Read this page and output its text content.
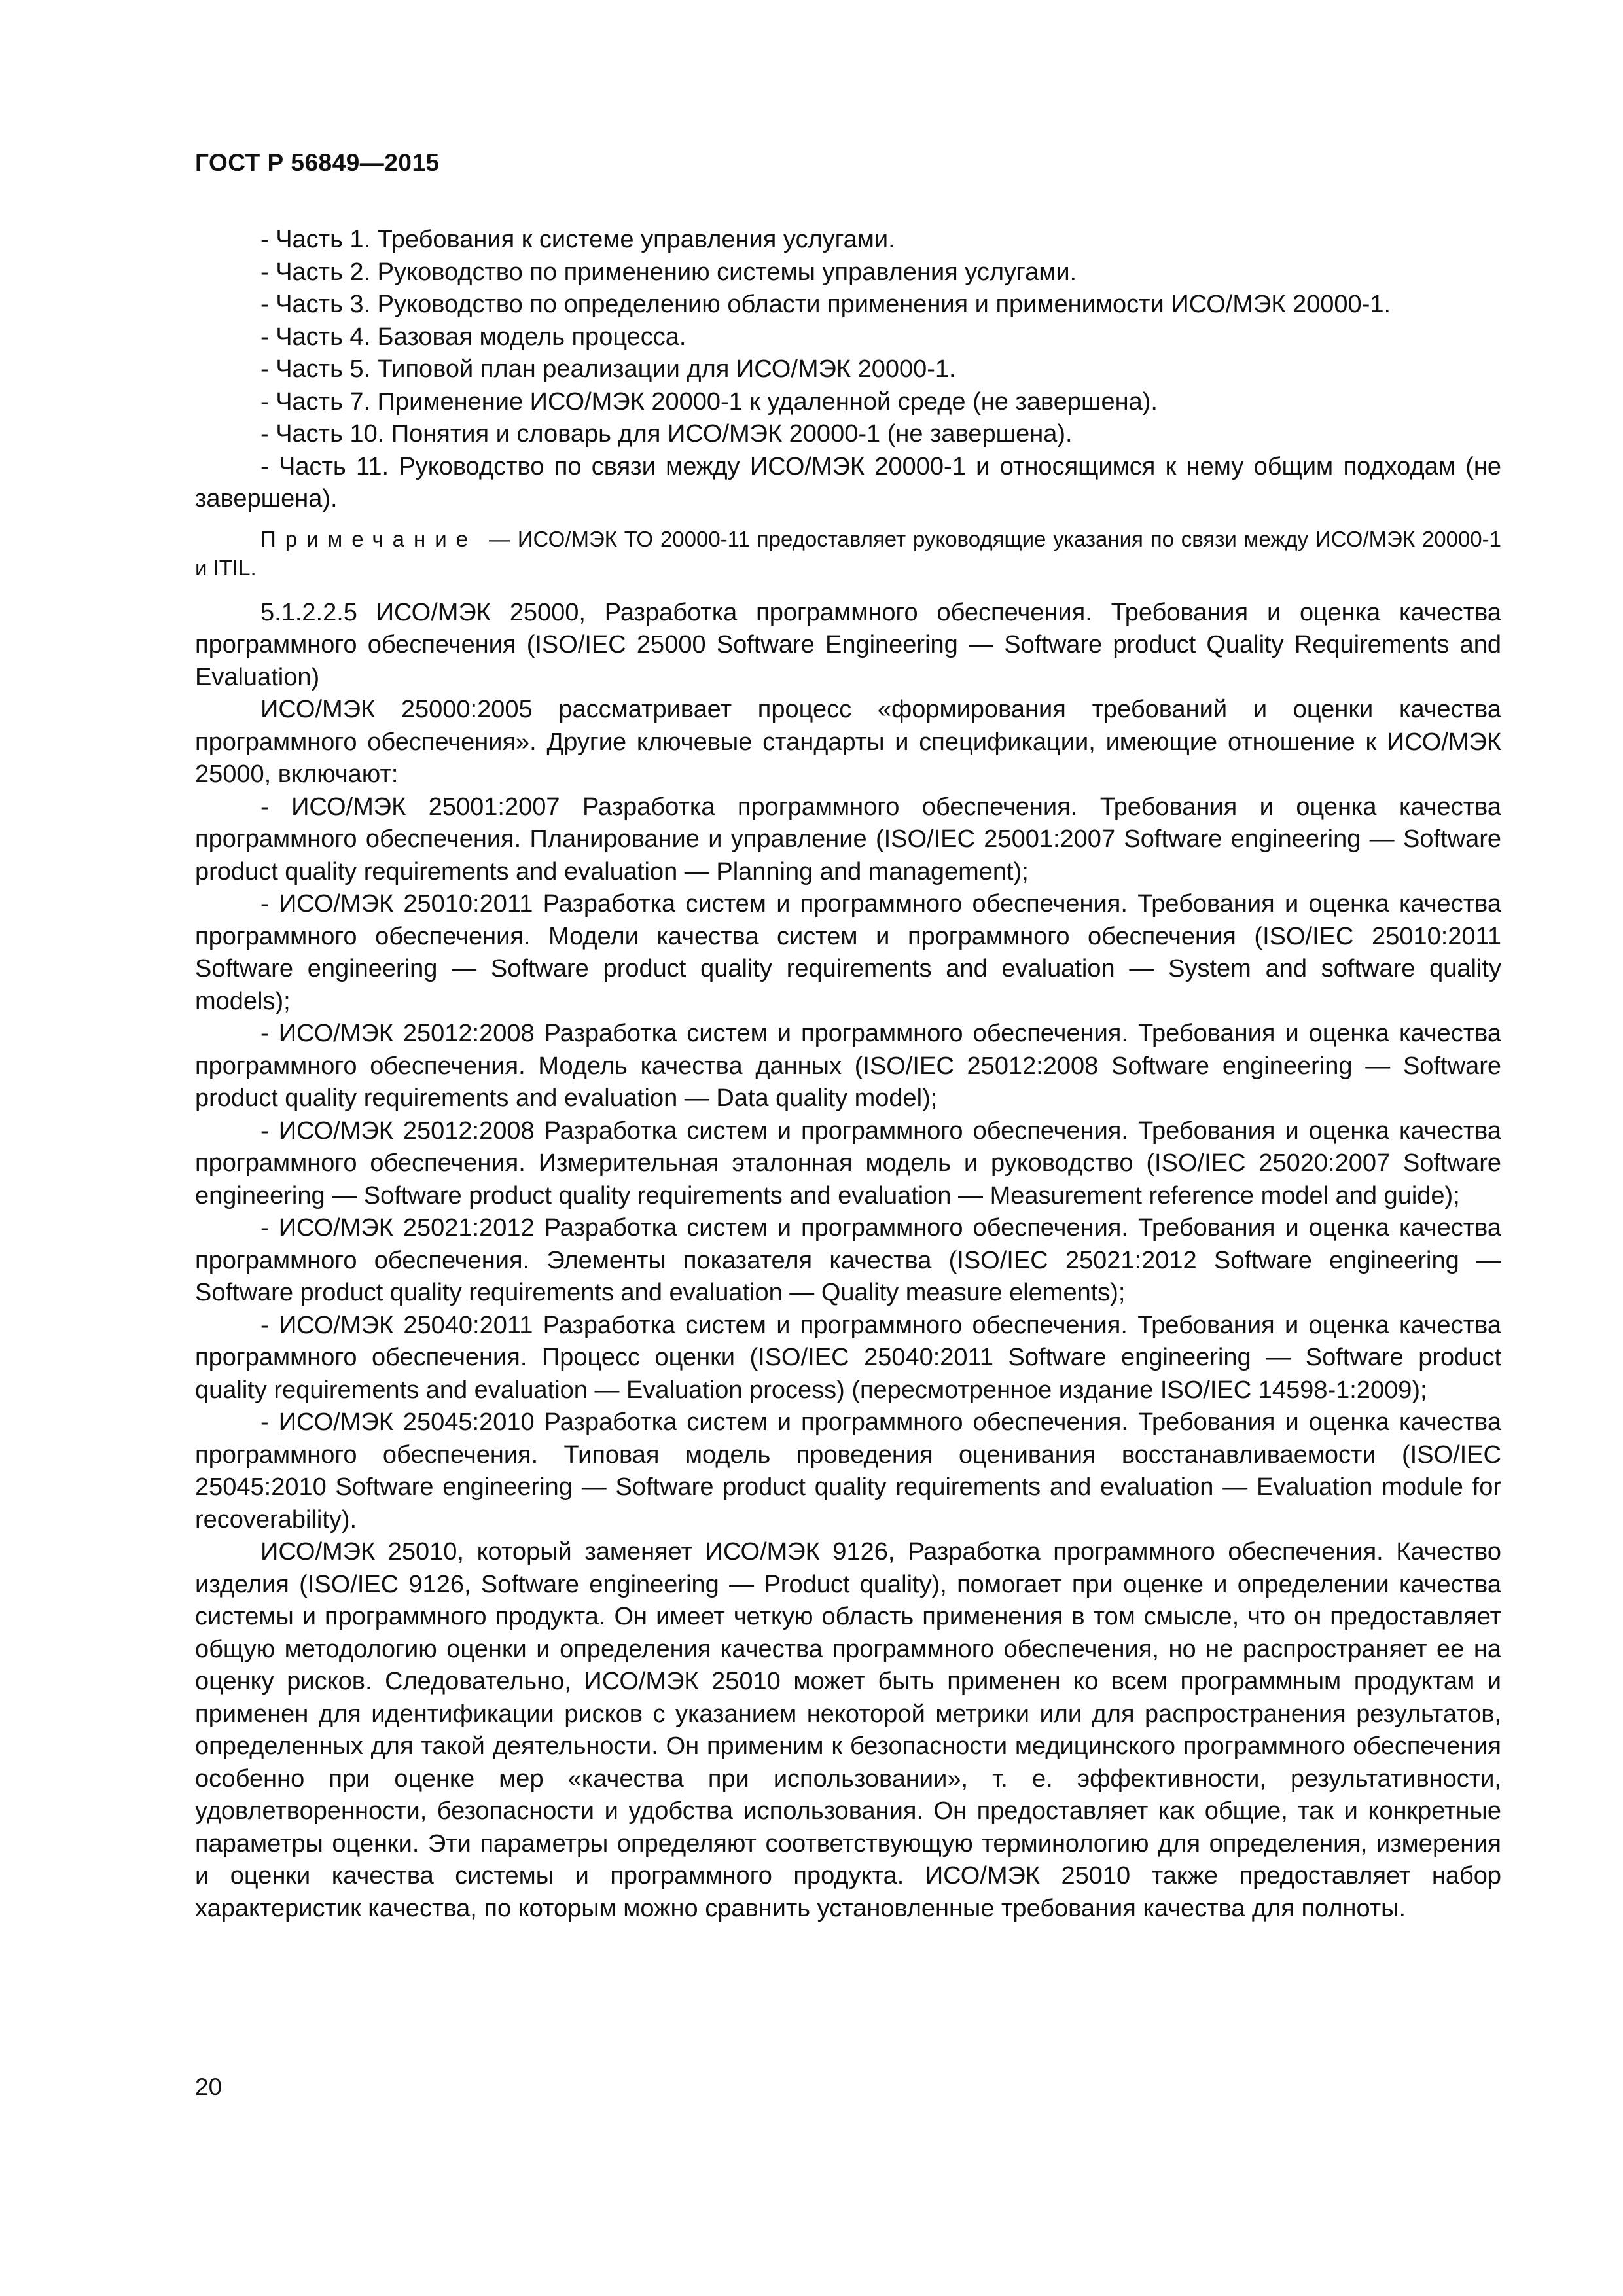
ГОСТ Р 56849—2015

- Часть 1. Требования к системе управления услугами.

- Часть 2. Руководство по применению системы управления услугами.

- Часть 3. Руководство по определению области применения и применимости ИСО/МЭК 20000-1.

- Часть 4. Базовая модель процесса.

- Часть 5. Типовой план реализации для ИСО/МЭК 20000-1.

- Часть 7. Применение ИСО/МЭК 20000-1 к удаленной среде (не завершена).

- Часть 10. Понятия и словарь для ИСО/МЭК 20000-1 (не завершена).

- Часть 11. Руководство по связи между ИСО/МЭК 20000-1 и относящимся к нему общим подходам (не завершена).

Примечание — ИСО/МЭК ТО 20000-11 предоставляет руководящие указания по связи между ИСО/МЭК 20000-1 и ITIL.

5.1.2.2.5 ИСО/МЭК 25000, Разработка программного обеспечения. Требования и оценка качества программного обеспечения (ISO/IEC 25000 Software Engineering — Software product Quality Requirements and Evaluation)

ИСО/МЭК 25000:2005 рассматривает процесс «формирования требований и оценки качества программного обеспечения». Другие ключевые стандарты и спецификации, имеющие отношение к ИСО/МЭК 25000, включают:

- ИСО/МЭК 25001:2007 Разработка программного обеспечения. Требования и оценка качества программного обеспечения. Планирование и управление (ISO/IEC 25001:2007 Software engineering — Software product quality requirements and evaluation — Planning and management);

- ИСО/МЭК 25010:2011 Разработка систем и программного обеспечения. Требования и оценка качества программного обеспечения. Модели качества систем и программного обеспечения (ISO/IEC 25010:2011 Software engineering — Software product quality requirements and evaluation — System and software quality models);

- ИСО/МЭК 25012:2008 Разработка систем и программного обеспечения. Требования и оценка качества программного обеспечения. Модель качества данных (ISO/IEC 25012:2008 Software engineering — Software product quality requirements and evaluation — Data quality model);

- ИСО/МЭК 25012:2008 Разработка систем и программного обеспечения. Требования и оценка качества программного обеспечения. Измерительная эталонная модель и руководство (ISO/IEC 25020:2007 Software engineering — Software product quality requirements and evaluation — Measurement reference model and guide);

- ИСО/МЭК 25021:2012 Разработка систем и программного обеспечения. Требования и оценка качества программного обеспечения. Элементы показателя качества (ISO/IEC 25021:2012 Software engineering — Software product quality requirements and evaluation — Quality measure elements);

- ИСО/МЭК 25040:2011 Разработка систем и программного обеспечения. Требования и оценка качества программного обеспечения. Процесс оценки (ISO/IEC 25040:2011 Software engineering — Software product quality requirements and evaluation — Evaluation process) (пересмотренное издание ISO/IEC 14598-1:2009);

- ИСО/МЭК 25045:2010 Разработка систем и программного обеспечения. Требования и оценка качества программного обеспечения. Типовая модель проведения оценивания восстанавливаемости (ISO/IEC 25045:2010 Software engineering — Software product quality requirements and evaluation — Evaluation module for recoverability).

ИСО/МЭК 25010, который заменяет ИСО/МЭК 9126, Разработка программного обеспечения. Качество изделия (ISO/IEC 9126, Software engineering — Product quality), помогает при оценке и определении качества системы и программного продукта. Он имеет четкую область применения в том смысле, что он предоставляет общую методологию оценки и определения качества программного обеспечения, но не распространяет ее на оценку рисков. Следовательно, ИСО/МЭК 25010 может быть применен ко всем программным продуктам и применен для идентификации рисков с указанием некоторой метрики или для распространения результатов, определенных для такой деятельности. Он применим к безопасности медицинского программного обеспечения особенно при оценке мер «качества при использовании», т. е. эффективности, результативности, удовлетворенности, безопасности и удобства использования. Он предоставляет как общие, так и конкретные параметры оценки. Эти параметры определяют соответствующую терминологию для определения, измерения и оценки качества системы и программного продукта. ИСО/МЭК 25010 также предоставляет набор характеристик качества, по которым можно сравнить установленные требования качества для полноты.

20
